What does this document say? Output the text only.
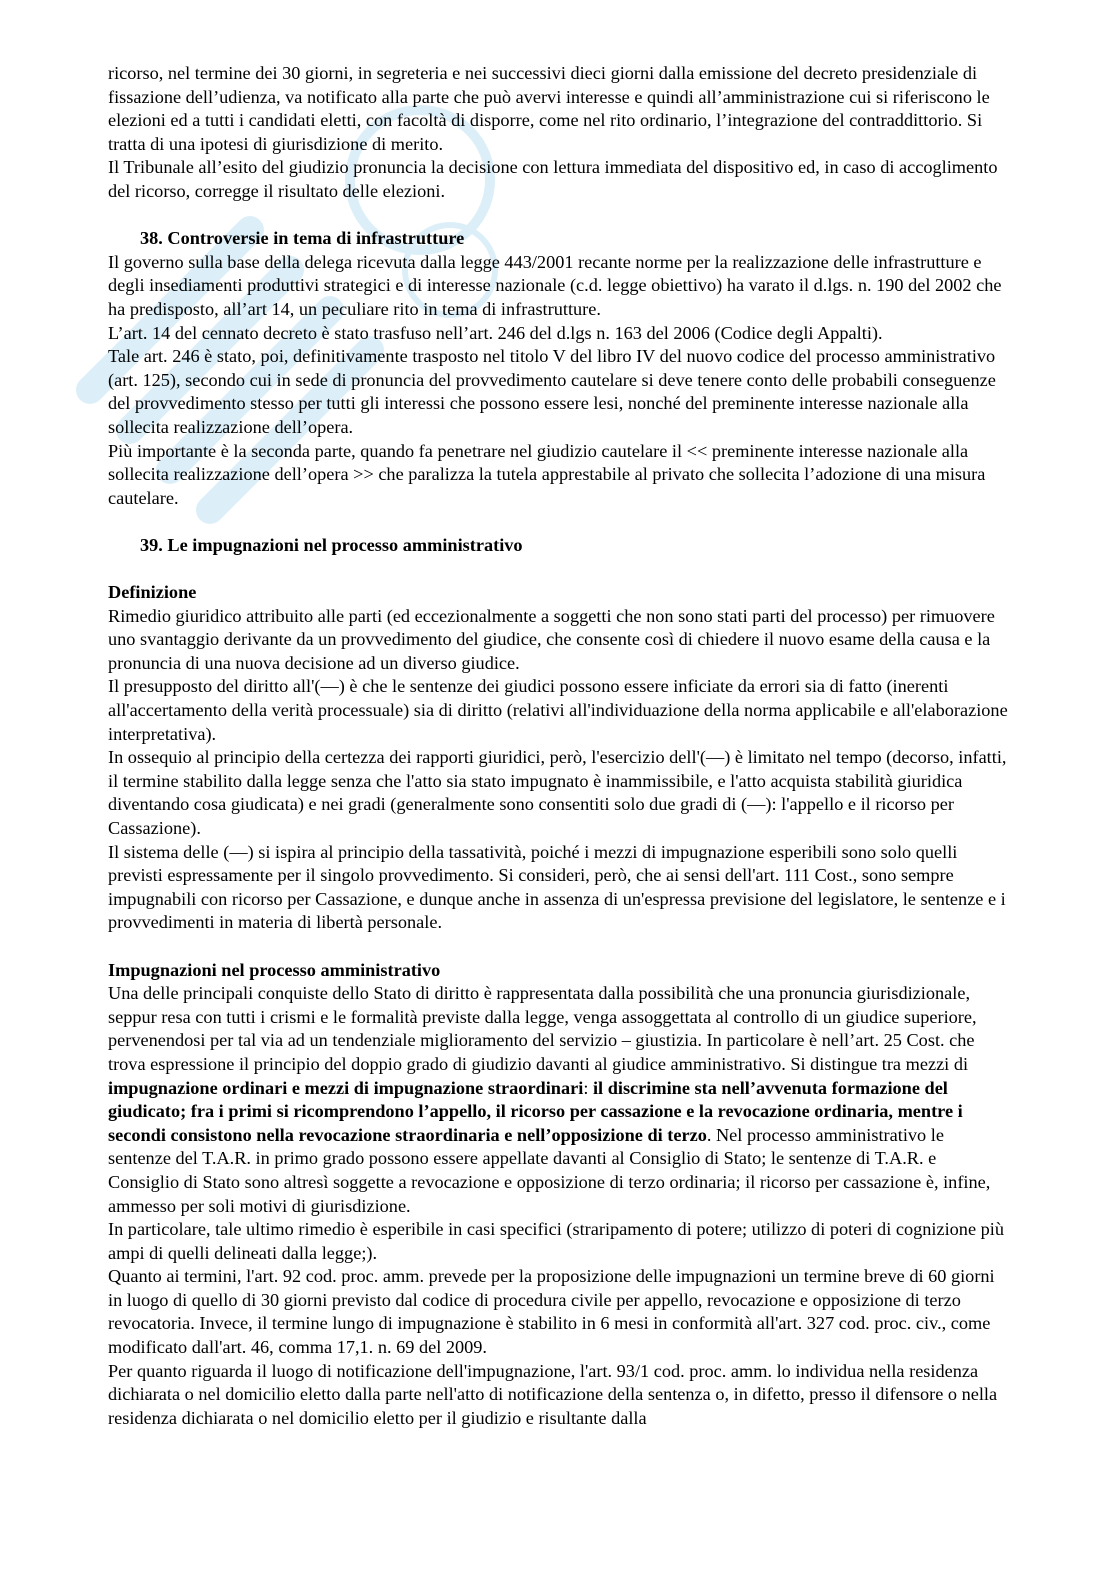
ricorso, nel termine dei 30 giorni, in segreteria e nei successivi dieci giorni dalla emissione del decreto presidenziale di fissazione dell’udienza, va notificato alla parte che può avervi interesse e quindi all’amministrazione cui si riferiscono le elezioni ed a tutti i candidati eletti, con facoltà di disporre, come nel rito ordinario, l’integrazione del contraddittorio. Si tratta di una ipotesi di giurisdizione di merito.

Il Tribunale all’esito del giudizio pronuncia la decisione con lettura immediata del dispositivo ed, in caso di accoglimento del ricorso, corregge il risultato delle elezioni.

38. Controversie in tema di infrastrutture

Il governo sulla base della delega ricevuta dalla legge 443/2001 recante norme per la realizzazione delle infrastrutture e degli insediamenti produttivi strategici e di interesse nazionale (c.d. legge obiettivo) ha varato il d.lgs. n. 190 del 2002 che ha predisposto, all’art 14, un peculiare rito in tema di infrastrutture.

L’art. 14 del cennato decreto è stato trasfuso nell’art. 246 del d.lgs n. 163 del 2006 (Codice degli Appalti).

Tale art. 246 è stato, poi, definitivamente trasposto nel titolo V del libro IV del nuovo codice del processo amministrativo (art. 125), secondo cui in sede di pronuncia del provvedimento cautelare si deve tenere conto delle probabili conseguenze del provvedimento stesso per tutti gli interessi che possono essere lesi, nonché del preminente interesse nazionale alla sollecita realizzazione dell’opera.

Più importante è la seconda parte, quando fa penetrare nel giudizio cautelare il << preminente interesse nazionale alla sollecita realizzazione dell’opera >> che paralizza la tutela apprestabile al privato che sollecita l’adozione di una misura cautelare.

39. Le impugnazioni nel processo amministrativo

Definizione

Rimedio giuridico attribuito alle parti (ed eccezionalmente a soggetti che non sono stati parti del processo) per rimuovere uno svantaggio derivante da un provvedimento del giudice, che consente così di chiedere il nuovo esame della causa e la pronuncia di una nuova decisione ad un diverso giudice.

Il presupposto del diritto all'(—) è che le sentenze dei giudici possono essere inficiate da errori sia di fatto (inerenti all'accertamento della verità processuale) sia di diritto (relativi all'individuazione della norma applicabile e all'elaborazione interpretativa).

In ossequio al principio della certezza dei rapporti giuridici, però, l'esercizio dell'(—) è limitato nel tempo (decorso, infatti, il termine stabilito dalla legge senza che l'atto sia stato impugnato è inammissibile, e l'atto acquista stabilità giuridica diventando cosa giudicata) e nei gradi (generalmente sono consentiti solo due gradi di (—): l'appello e il ricorso per Cassazione).

Il sistema delle (—) si ispira al principio della tassatività, poiché i mezzi di impugnazione esperibili sono solo quelli previsti espressamente per il singolo provvedimento. Si consideri, però, che ai sensi dell'art. 111 Cost., sono sempre impugnabili con ricorso per Cassazione, e dunque anche in assenza di un'espressa previsione del legislatore, le sentenze e i provvedimenti in materia di libertà personale.

Impugnazioni nel processo amministrativo

Una delle principali conquiste dello Stato di diritto è rappresentata dalla possibilità che una pronuncia giurisdizionale, seppur resa con tutti i crismi e le formalità previste dalla legge, venga assoggettata al controllo di un giudice superiore, pervenendosi per tal via ad un tendenziale miglioramento del servizio – giustizia. In particolare è nell’art. 25 Cost. che trova espressione il principio del doppio grado di giudizio davanti al giudice amministrativo. Si distingue tra mezzi di impugnazione ordinari e mezzi di impugnazione straordinari: il discrimine sta nell’avvenuta formazione del giudicato; fra i primi si ricomprendono l’appello, il ricorso per cassazione e la revocazione ordinaria, mentre i secondi consistono nella revocazione straordinaria e nell’opposizione di terzo. Nel processo amministrativo le sentenze del T.A.R. in primo grado possono essere appellate davanti al Consiglio di Stato; le sentenze di T.A.R. e Consiglio di Stato sono altresì soggette a revocazione e opposizione di terzo ordinaria; il ricorso per cassazione è, infine, ammesso per soli motivi di giurisdizione.

In particolare, tale ultimo rimedio è esperibile in casi specifici (straripamento di potere; utilizzo di poteri di cognizione più ampi di quelli delineati dalla legge;).

Quanto ai termini, l'art. 92 cod. proc. amm. prevede per la proposizione delle impugnazioni un termine breve di 60 giorni in luogo di quello di 30 giorni previsto dal codice di procedura civile per appello, revocazione e opposizione di terzo revocatoria. Invece, il termine lungo di impugnazione è stabilito in 6 mesi in conformità all'art. 327 cod. proc. civ., come modificato dall'art. 46, comma 17,1. n. 69 del 2009.

Per quanto riguarda il luogo di notificazione dell'impugnazione, l'art. 93/1 cod. proc. amm. lo individua nella residenza dichiarata o nel domicilio eletto dalla parte nell'atto di notificazione della sentenza o, in difetto, presso il difensore o nella residenza dichiarata o nel domicilio eletto per il giudizio e risultante dalla
